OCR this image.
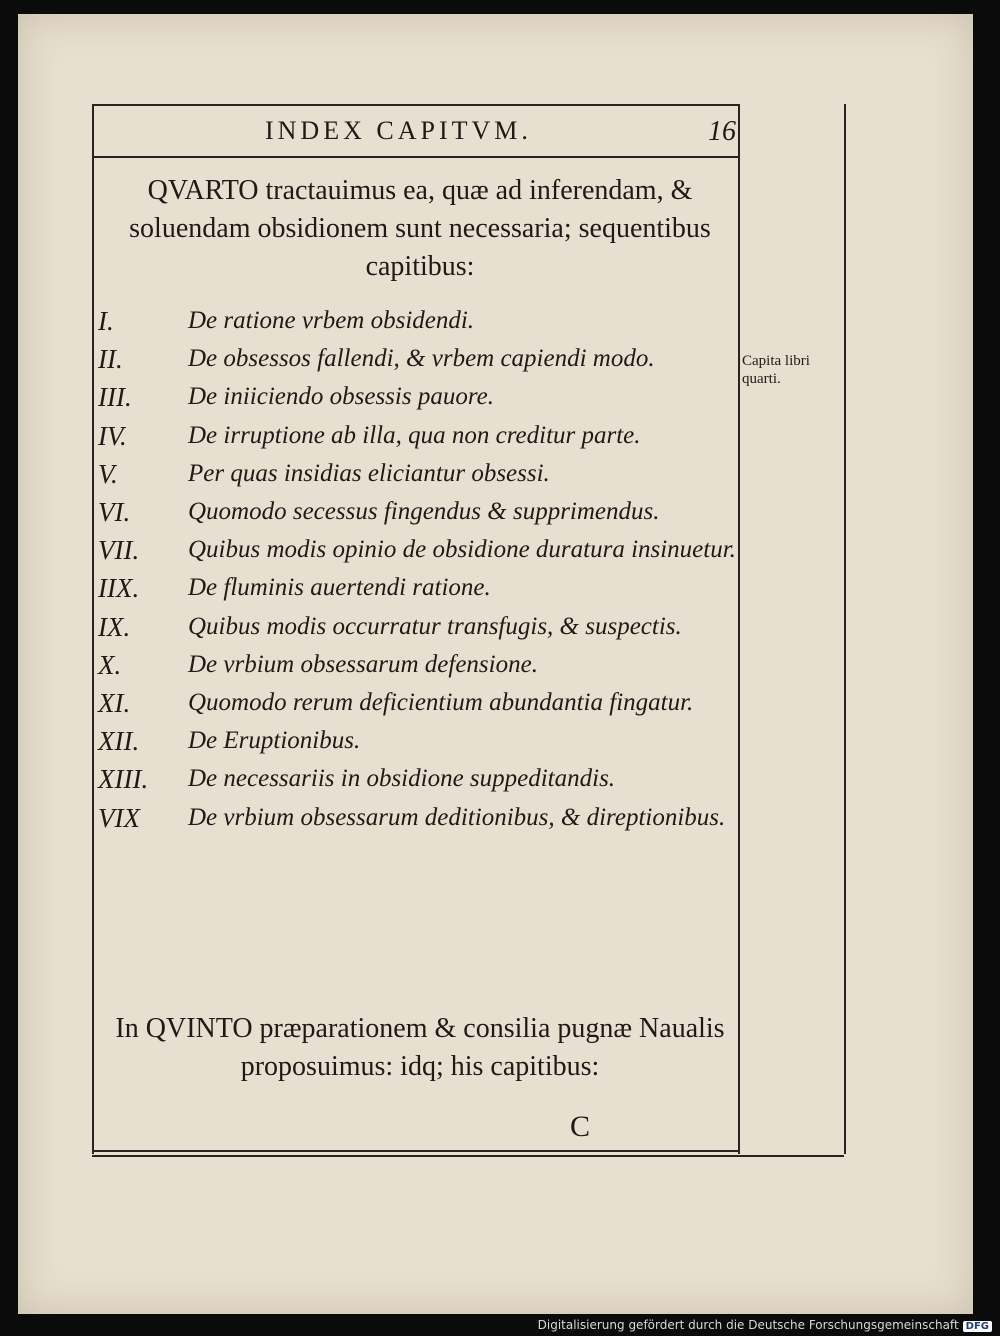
INDEX CAPITVM.	16
QVARTO tractauimus ea, quæ ad inferendam, & soluendam obsidionem sunt necessaria; sequentibus capitibus:
Capita libri quarti.
I.	De ratione vrbem obsidendi.
II.	De obsessos fallendi, & vrbem capiendi modo.
III.	De iniiciendo obsessis pauore.
IV.	De irruptione ab illa, qua non creditur parte.
V.	Per quas insidias eliciantur obsessi.
VI.	Quomodo secessus fingendus & supprimendus.
VII.	Quibus modis opinio de obsidione duratura insinuetur.
IIX.	De fluminis auertendi ratione.
IX.	Quibus modis occurratur transfugis, & suspectis.
X.	De vrbium obsessarum defensione.
XI.	Quomodo rerum deficientium abundantia fingatur.
XII.	De Eruptionibus.
XIII.	De necessariis in obsidione suppeditandis.
VIX	De vrbium obsessarum deditionibus, & direptionibus.
In QVINTO præparationem & consilia pugnæ Naualis proposuimus: idq; his capitibus:
C
Digitalisierung gefördert durch die Deutsche Forschungsgemeinschaft DFG
